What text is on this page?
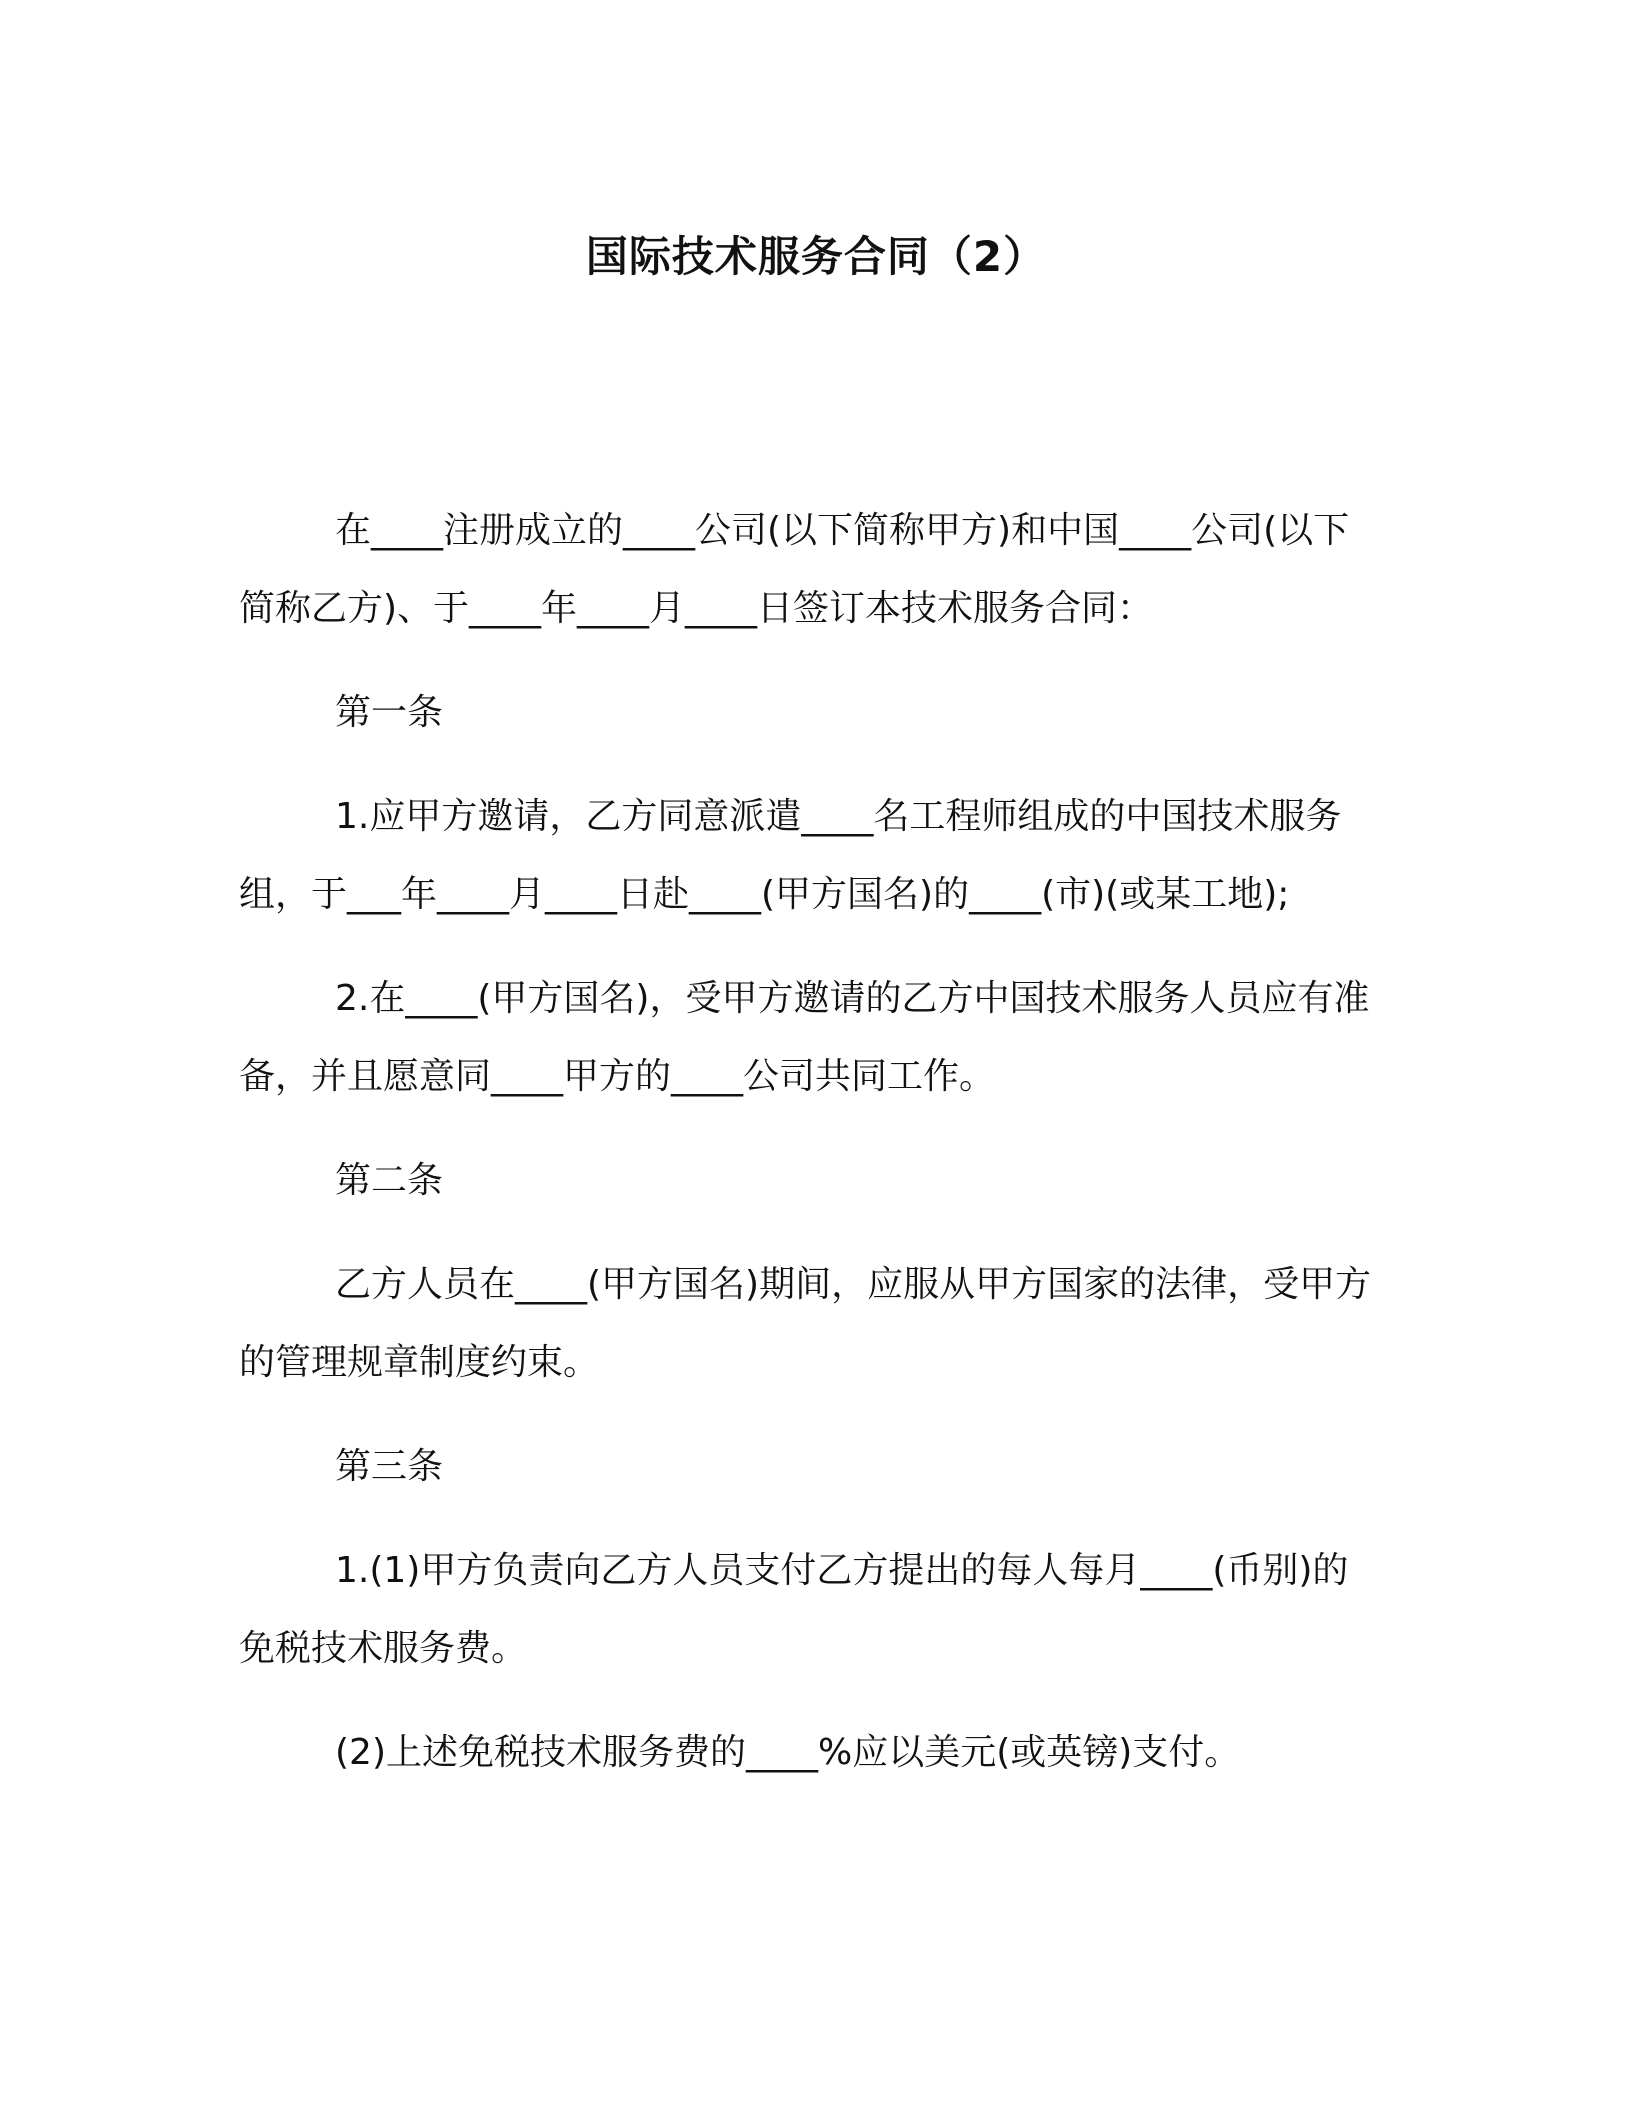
国际技术服务合同（2）

在____注册成立的____公司(以下简称甲方)和中国____公司(以下简称乙方)、于____年____月____日签订本技术服务合同：

第一条

1.应甲方邀请，乙方同意派遣____名工程师组成的中国技术服务组，于___年____月____日赴____(甲方国名)的____(市)(或某工地);

2.在____(甲方国名)，受甲方邀请的乙方中国技术服务人员应有准备，并且愿意同____甲方的____公司共同工作。

第二条

乙方人员在____(甲方国名)期间，应服从甲方国家的法律，受甲方的管理规章制度约束。

第三条

1.(1)甲方负责向乙方人员支付乙方提出的每人每月____(币别)的免税技术服务费。

(2)上述免税技术服务费的____%应以美元(或英镑)支付。
